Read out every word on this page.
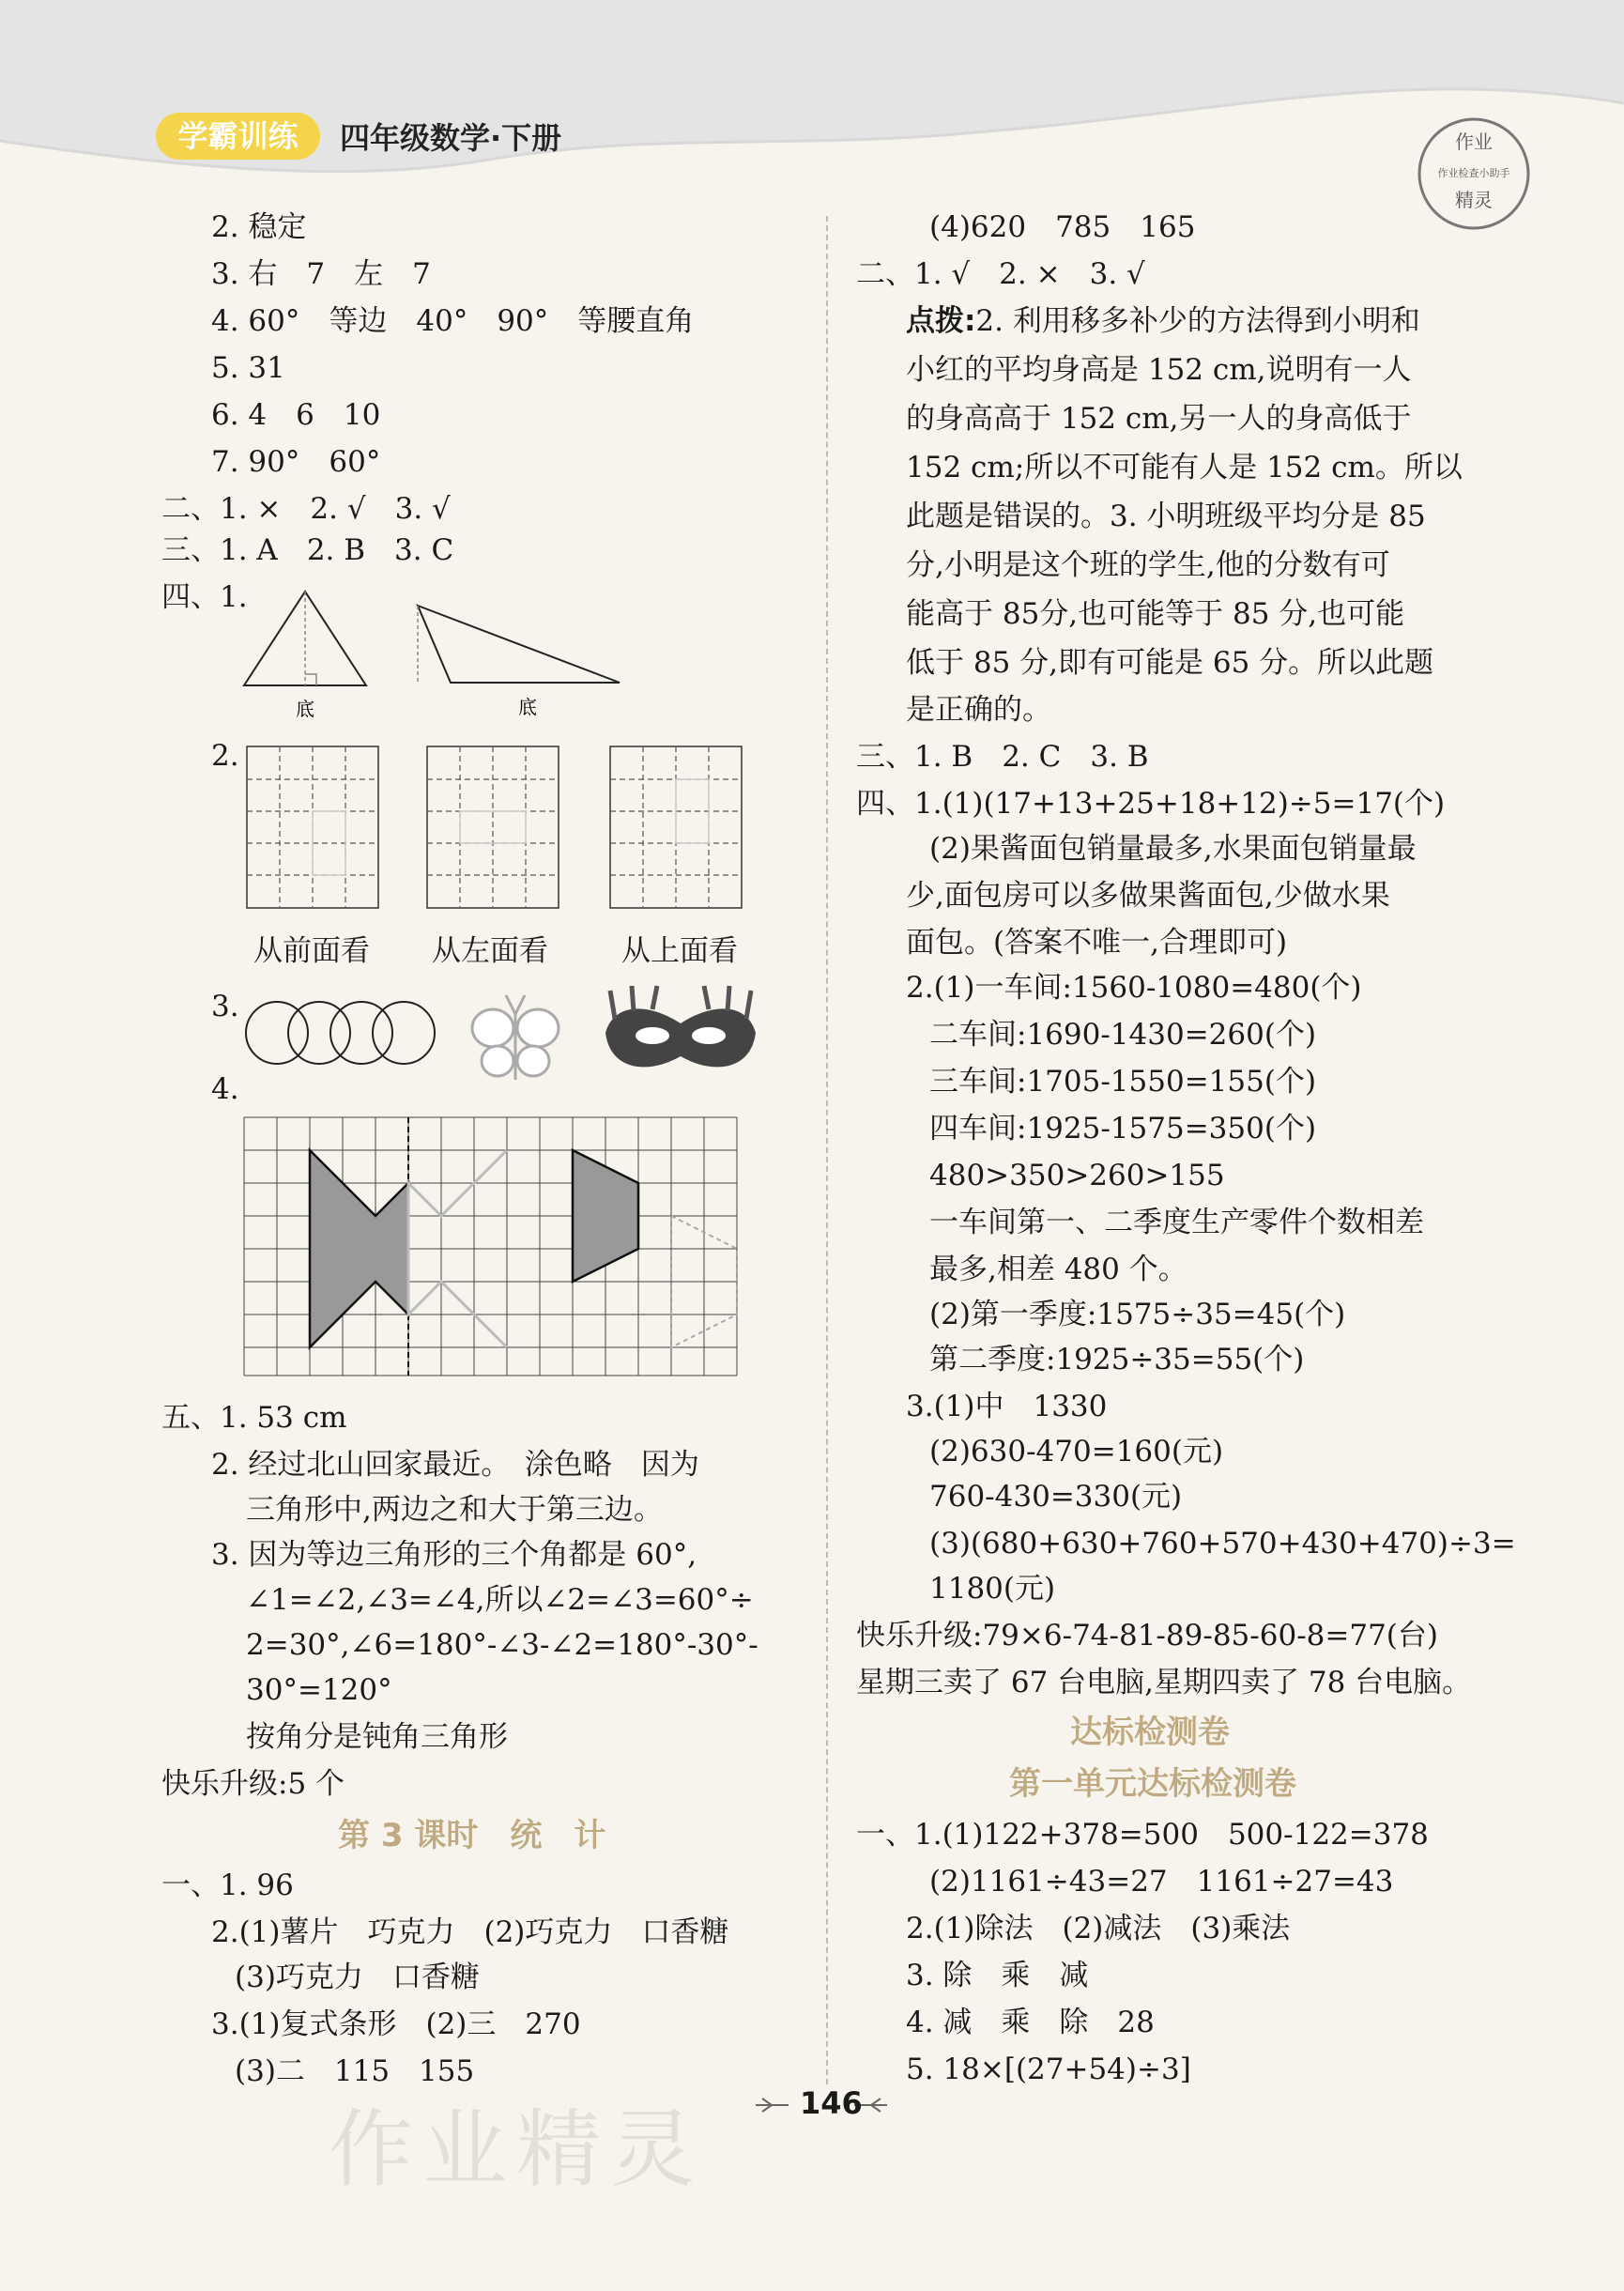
学霸训练	四年级数学·下册	作业
作业检查小助手
精灵
2. 稳定
3. 右　7　左　7
4. 60°　等边　40°　90°　等腰直角
5. 31
6. 4　6　10
7. 90°　60°
二、1. ×　2. √　3. √
三、1. A　2. B　3. C
四、1.
底	底
2.
从前面看 从左面看	从上面看
3.
4.
五、1. 53 cm
2. 经过北山回家最近。　涂色略　因为
三角形中,两边之和大于第三边。
3. 因为等边三角形的三个角都是 60°,
∠1=∠2,∠3=∠4,所以∠2=∠3=60°÷
2=30°,∠6=180°-∠3-∠2=180°-30°-
30°=120°
按角分是钝角三角形
快乐升级:5 个
第 3 课时　统　计
一、1. 96
2.(1)薯片　巧克力　(2)巧克力　口香糖
(3)巧克力　口香糖
3.(1)复式条形　(2)三　270
(3)二　115　155
(4)620　785　165
二、1. √　2. ×　3. √
点拨:2. 利用移多补少的方法得到小明和
小红的平均身高是 152 cm,说明有一人
的身高高于 152 cm,另一人的身高低于
152 cm;所以不可能有人是 152 cm。所以
此题是错误的。3. 小明班级平均分是 85
分,小明是这个班的学生,他的分数有可
能高于 85分,也可能等于 85 分,也可能
低于 85 分,即有可能是 65 分。所以此题
是正确的。
三、1. B　2. C　3. B
四、1.(1)(17+13+25+18+12)÷5=17(个)
(2)果酱面包销量最多,水果面包销量最
少,面包房可以多做果酱面包,少做水果
面包。(答案不唯一,合理即可)
2.(1)一车间:1560-1080=480(个)
二车间:1690-1430=260(个)
三车间:1705-1550=155(个)
四车间:1925-1575=350(个)
480>350>260>155
一车间第一、二季度生产零件个数相差
最多,相差 480 个。
(2)第一季度:1575÷35=45(个)
第二季度:1925÷35=55(个)
3.(1)中　1330
(2)630-470=160(元)
760-430=330(元)
(3)(680+630+760+570+430+470)÷3=
1180(元)
快乐升级:79×6-74-81-89-85-60-8=77(台)
星期三卖了 67 台电脑,星期四卖了 78 台电脑。
达标检测卷
第一单元达标检测卷
一、1.(1)122+378=500　500-122=378
(2)1161÷43=27　1161÷27=43
2.(1)除法　(2)减法　(3)乘法
3. 除　乘　减
4. 减　乘　除　28
5. 18×[(27+54)÷3]
146
作业精灵
